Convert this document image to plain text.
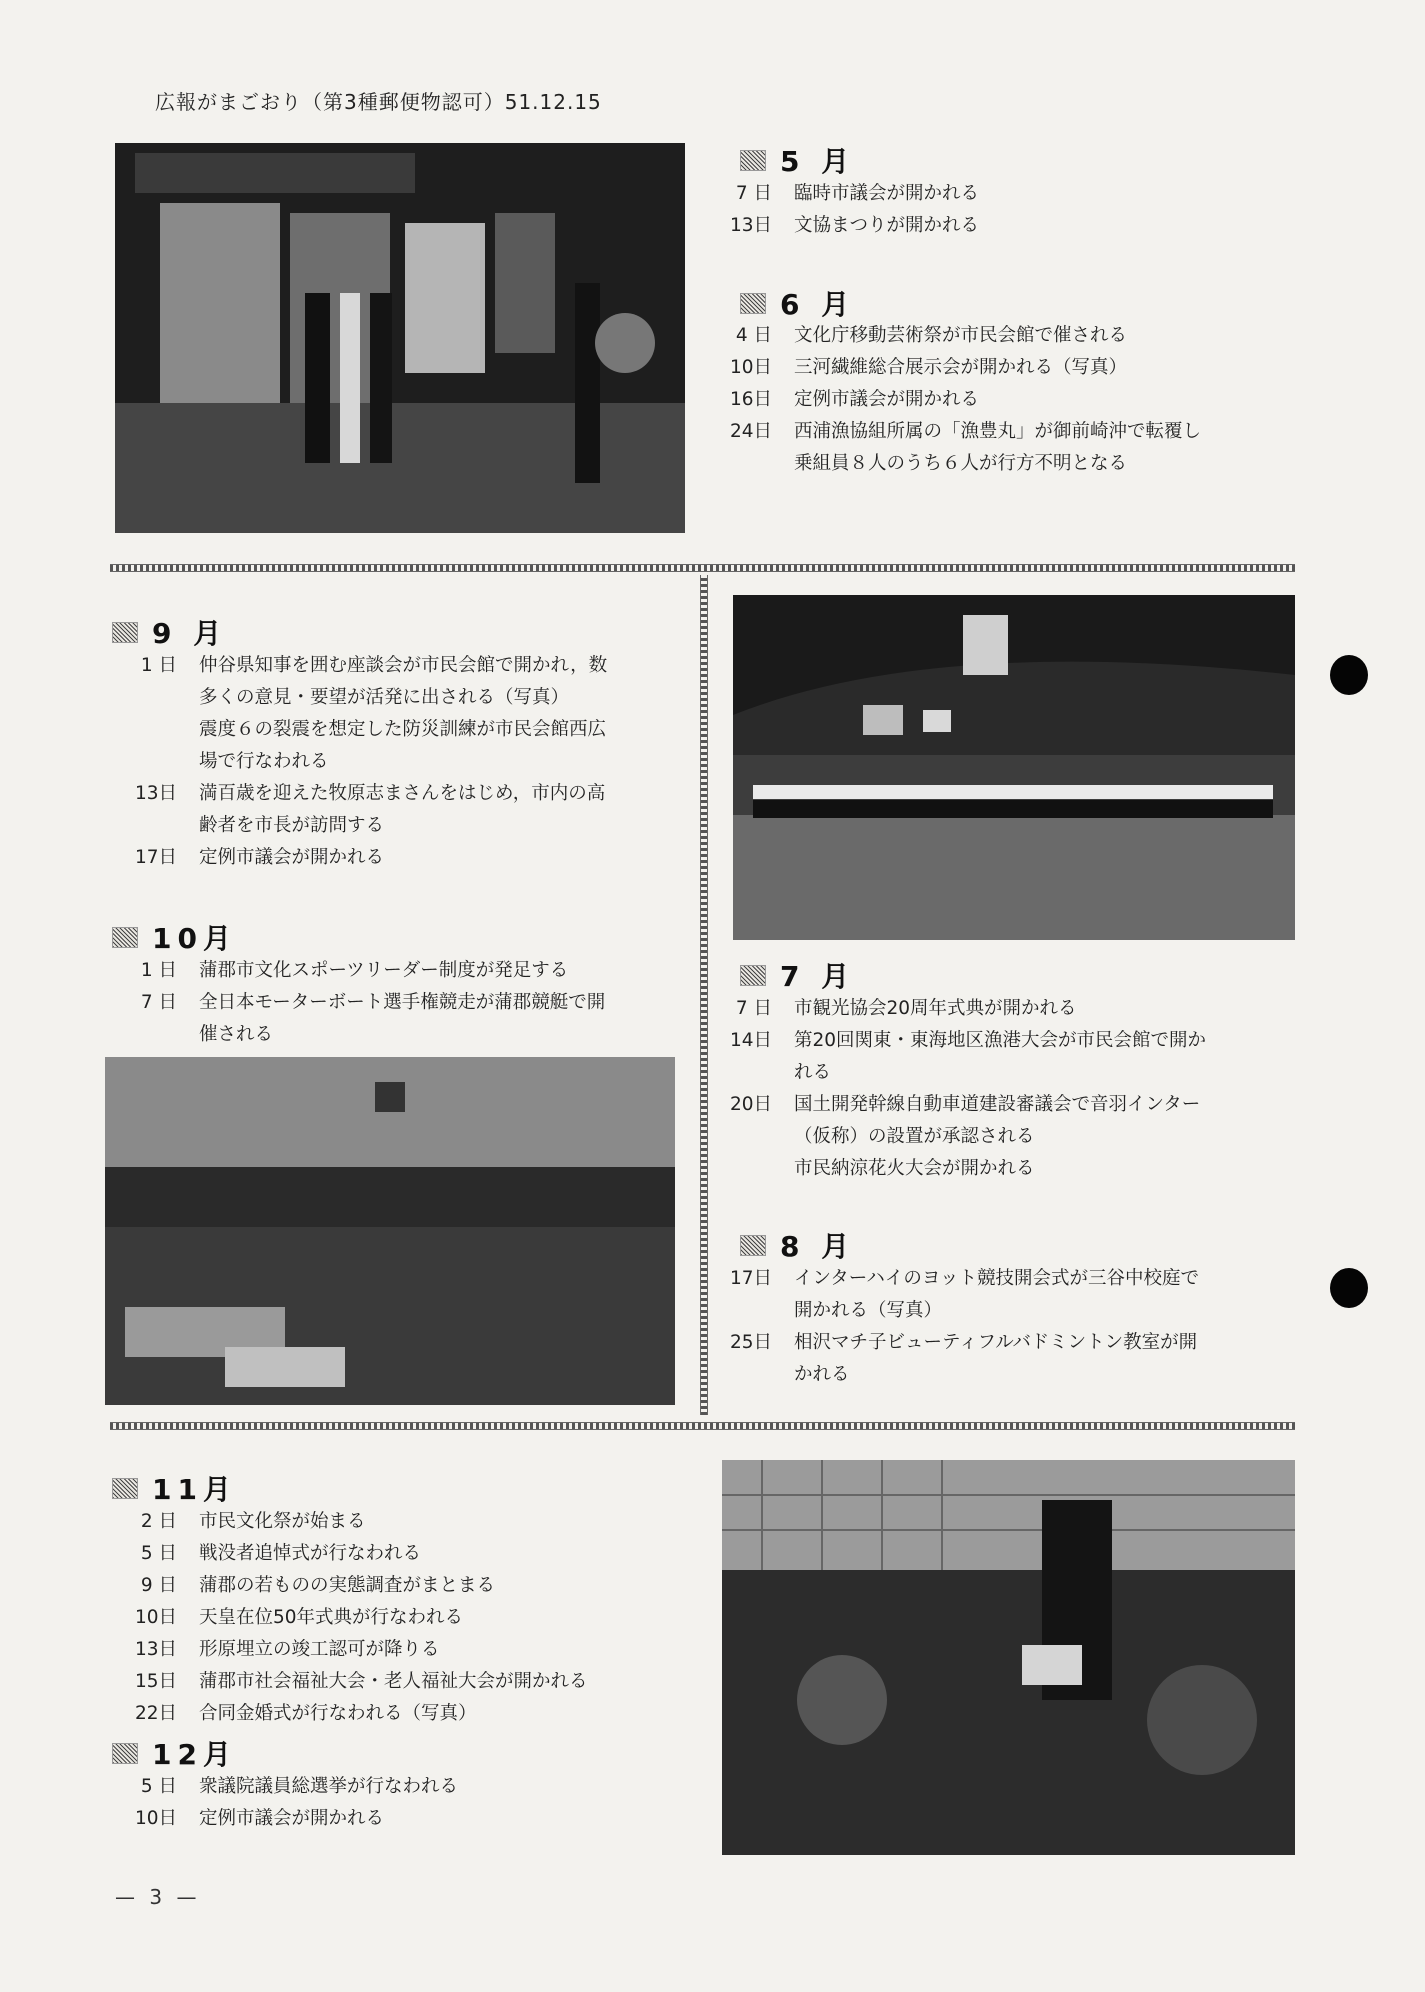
広報がまごおり（第3種郵便物認可）51.12.15
5 月
7 日 臨時市議会が開かれる
13日 文協まつりが開かれる
6 月
4 日 文化庁移動芸術祭が市民会館で催される
10日 三河繊維総合展示会が開かれる（写真）
16日 定例市議会が開かれる
24日 西浦漁協組所属の「漁豊丸」が御前崎沖で転覆し
乗組員８人のうち６人が行方不明となる
7 月
7 日 市観光協会20周年式典が開かれる
14日 第20回関東・東海地区漁港大会が市民会館で開か
れる
20日 国土開発幹線自動車道建設審議会で音羽インター
（仮称）の設置が承認される
市民納涼花火大会が開かれる
8 月
17日 インターハイのヨット競技開会式が三谷中校庭で
開かれる（写真）
25日 相沢マチ子ビューティフルバドミントン教室が開
かれる
9 月
1 日 仲谷県知事を囲む座談会が市民会館で開かれ，数
多くの意見・要望が活発に出される（写真）
震度６の裂震を想定した防災訓練が市民会館西広
場で行なわれる
13日 満百歳を迎えた牧原志まさんをはじめ，市内の高
齢者を市長が訪問する
17日 定例市議会が開かれる
10月
1 日 蒲郡市文化スポーツリーダー制度が発足する
7 日 全日本モーターボート選手権競走が蒲郡競艇で開
催される
11月
2 日 市民文化祭が始まる
5 日 戦没者追悼式が行なわれる
9 日 蒲郡の若ものの実態調査がまとまる
10日 天皇在位50年式典が行なわれる
13日 形原埋立の竣工認可が降りる
15日 蒲郡市社会福祉大会・老人福祉大会が開かれる
22日 合同金婚式が行なわれる（写真）
12月
5 日 衆議院議員総選挙が行なわれる
10日 定例市議会が開かれる
— 3 —
